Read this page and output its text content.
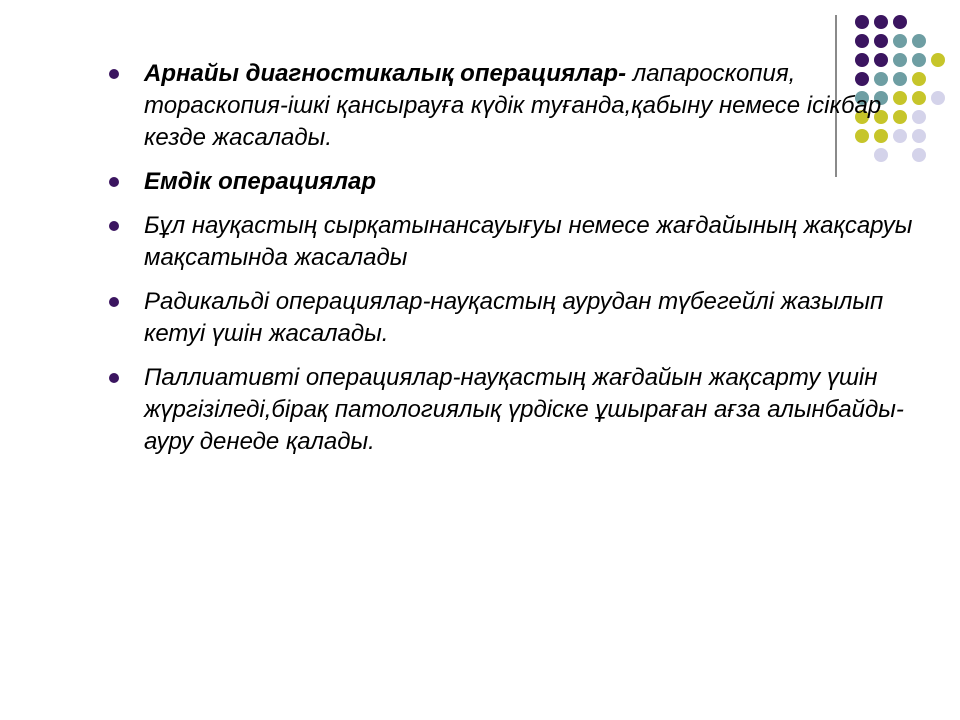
Арнайы диагностикалық операциялар- лапароскопия, тораскопия-ішкі қансырауға күдік туғанда,қабыну немесе ісікбар кезде жасалады.
Емдік операциялар
Бұл науқастың сырқатынансауығуы немесе жағдайының жақсаруы мақсатында жасалады
Радикальді операциялар-науқастың аурудан түбегейлі жазылып кетуі үшін жасалады.
Паллиативті операциялар-науқастың жағдайын жақсарту үшін жүргізіледі,бірақ патологиялық үрдіске ұшыраған ағза алынбайды-ауру денеде қалады.
